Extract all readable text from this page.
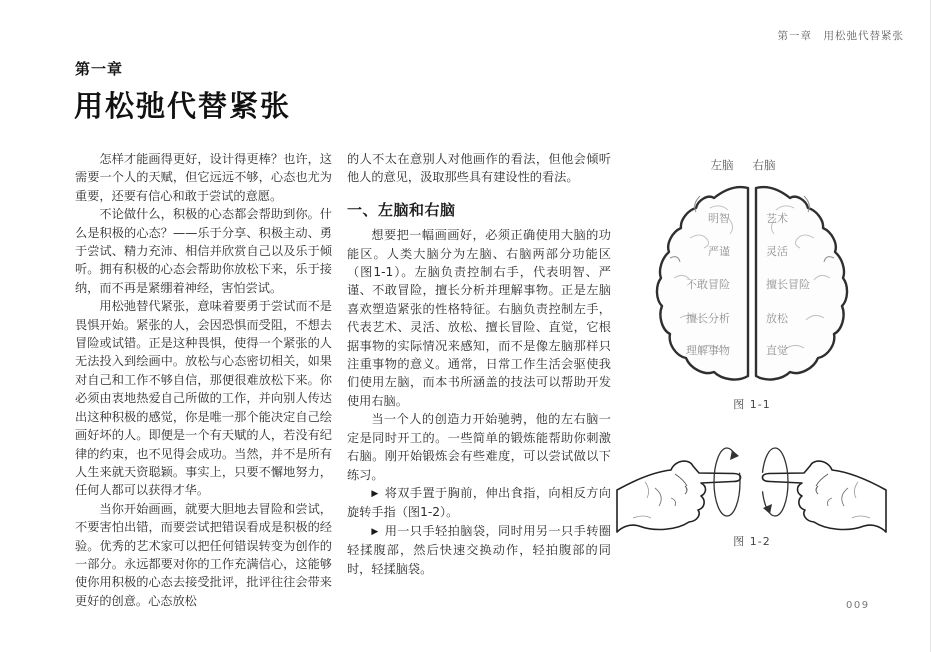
第一章　用松弛代替紧张
第一章
用松弛代替紧张

怎样才能画得更好，设计得更棒？也许，这需要一个人的天赋，但它远远不够，心态也尤为重要，还要有信心和敢于尝试的意愿。

不论做什么，积极的心态都会帮助到你。什么是积极的心态？——乐于分享、积极主动、勇于尝试、精力充沛、相信并欣赏自己以及乐于倾听。拥有积极的心态会帮助你放松下来，乐于接纳，而不再是紧绷着神经，害怕尝试。

用松弛替代紧张，意味着要勇于尝试而不是畏惧开始。紧张的人，会因恐惧而受阻，不想去冒险或试错。正是这种畏惧，使得一个紧张的人无法投入到绘画中。放松与心态密切相关，如果对自己和工作不够自信，那便很难放松下来。你必须由衷地热爱自己所做的工作，并向别人传达出这种积极的感觉，你是唯一那个能决定自己绘画好坏的人。即便是一个有天赋的人，若没有纪律的约束，也不见得会成功。当然，并不是所有人生来就天资聪颖。事实上，只要不懈地努力，任何人都可以获得才华。

当你开始画画，就要大胆地去冒险和尝试，不要害怕出错，而要尝试把错误看成是积极的经验。优秀的艺术家可以把任何错误转变为创作的一部分。永远都要对你的工作充满信心，这能够使你用积极的心态去接受批评，批评往往会带来更好的创意。心态放松

的人不太在意别人对他画作的看法，但他会倾听他人的意见，汲取那些具有建设性的看法。

一、左脑和右脑

想要把一幅画画好，必须正确使用大脑的功能区。人类大脑分为左脑、右脑两部分功能区（图1-1）。左脑负责控制右手，代表明智、严谨、不敢冒险，擅长分析并理解事物。正是左脑喜欢塑造紧张的性格特征。右脑负责控制左手，代表艺术、灵活、放松、擅长冒险、直觉，它根据事物的实际情况来感知，而不是像左脑那样只注重事物的意义。通常，日常工作生活会驱使我们使用左脑，而本书所涵盖的技法可以帮助开发使用右脑。

当一个人的创造力开始驰骋，他的左右脑一定是同时开工的。一些简单的锻炼能帮助你刺激右脑。刚开始锻炼会有些难度，可以尝试做以下练习。

▶ 将双手置于胸前，伸出食指，向相反方向旋转手指（图1-2）。

▶ 用一只手轻拍脑袋，同时用另一只手转圈轻揉腹部，然后快速交换动作，轻拍腹部的同时，轻揉脑袋。

左脑 右脑
明智
严谨
不敢冒险
擅长分析
理解事物
艺术
灵活
擅长冒险
放松
直觉
图 1-1
图 1-2
009
